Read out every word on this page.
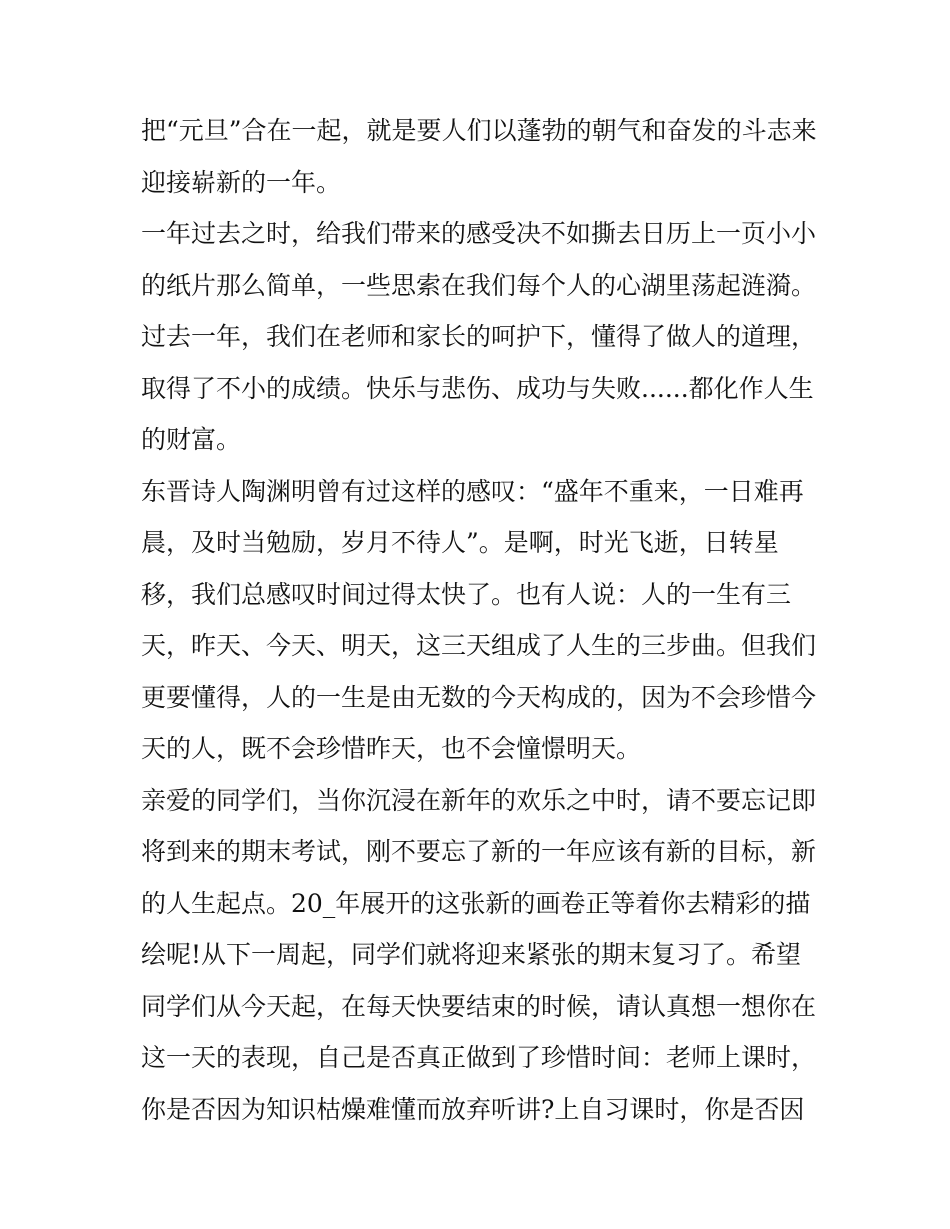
把“元旦”合在一起，就是要人们以蓬勃的朝气和奋发的斗志来
迎接崭新的一年。
一年过去之时，给我们带来的感受决不如撕去日历上一页小小
的纸片那么简单，一些思索在我们每个人的心湖里荡起涟漪。
过去一年，我们在老师和家长的呵护下，懂得了做人的道理，
取得了不小的成绩。快乐与悲伤、成功与失败......都化作人生
的财富。
东晋诗人陶渊明曾有过这样的感叹：“盛年不重来，一日难再
晨，及时当勉励，岁月不待人”。是啊，时光飞逝，日转星
移，我们总感叹时间过得太快了。也有人说：人的一生有三
天，昨天、今天、明天，这三天组成了人生的三步曲。但我们
更要懂得，人的一生是由无数的今天构成的，因为不会珍惜今
天的人，既不会珍惜昨天，也不会憧憬明天。
亲爱的同学们，当你沉浸在新年的欢乐之中时，请不要忘记即
将到来的期末考试，刚不要忘了新的一年应该有新的目标，新
的人生起点。20_年展开的这张新的画卷正等着你去精彩的描
绘呢!从下一周起，同学们就将迎来紧张的期末复习了。希望
同学们从今天起，在每天快要结束的时候，请认真想一想你在
这一天的表现，自己是否真正做到了珍惜时间：老师上课时，
你是否因为知识枯燥难懂而放弃听讲?上自习课时，你是否因
